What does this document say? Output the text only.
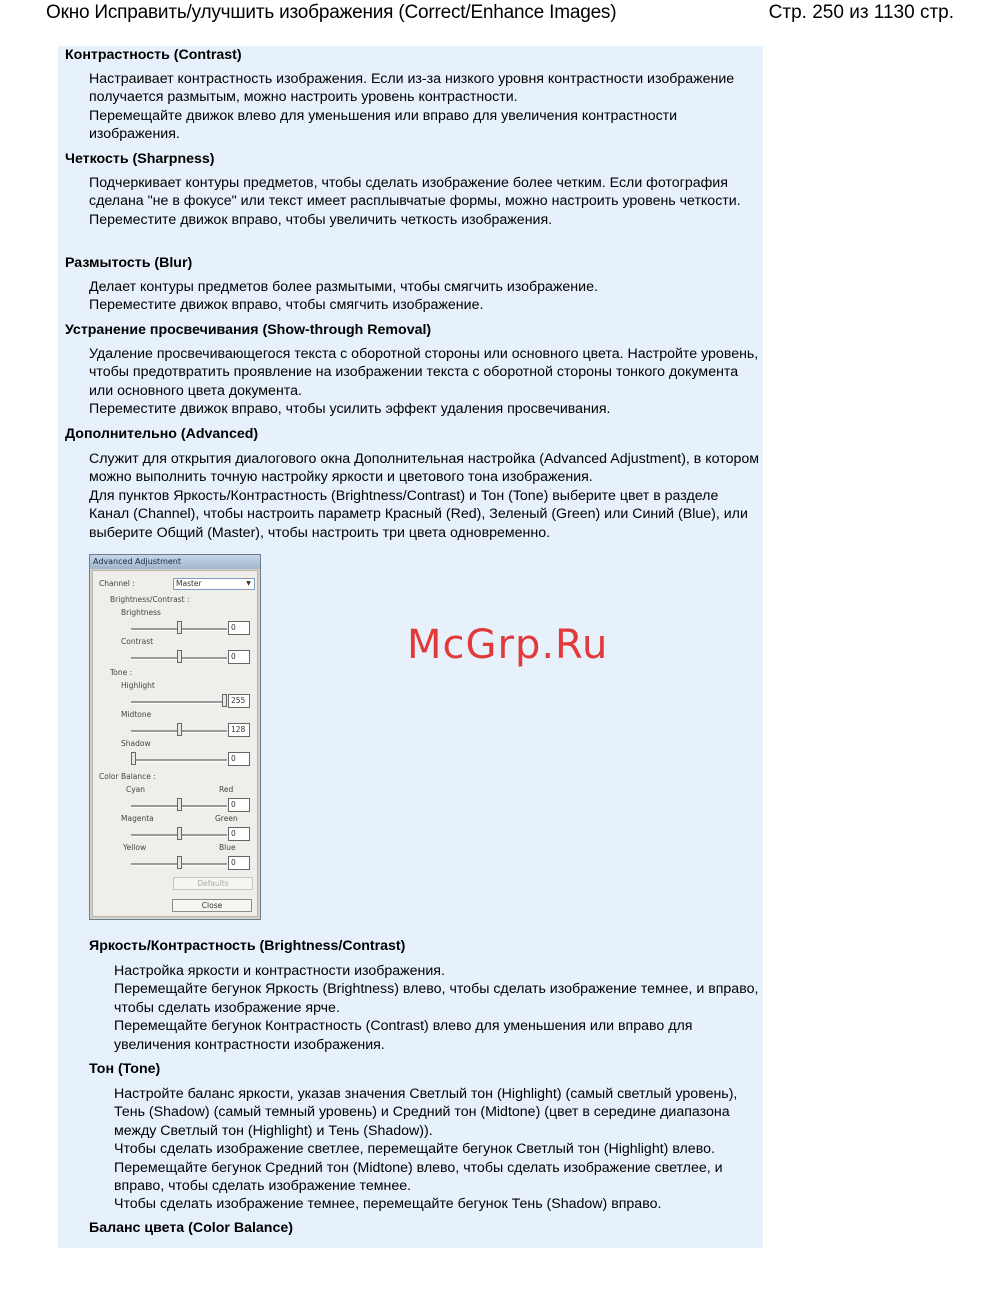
Окно Исправить/улучшить изображения (Correct/Enhance Images)	Стр. 250 из 1130 стр.
Контрастность (Contrast)

Настраивает контрастность изображения. Если из-за низкого уровня контрастности изображение получается размытым, можно настроить уровень контрастности.

Перемещайте движок влево для уменьшения или вправо для увеличения контрастности изображения.

Четкость (Sharpness)

Подчеркивает контуры предметов, чтобы сделать изображение более четким. Если фотография сделана "не в фокусе" или текст имеет расплывчатые формы, можно настроить уровень четкости.

Переместите движок вправо, чтобы увеличить четкость изображения.

Размытость (Blur)

Делает контуры предметов более размытыми, чтобы смягчить изображение.

Переместите движок вправо, чтобы смягчить изображение.

Устранение просвечивания (Show-through Removal)

Удаление просвечивающегося текста с оборотной стороны или основного цвета. Настройте уровень, чтобы предотвратить проявление на изображении текста с оборотной стороны тонкого документа или основного цвета документа.

Переместите движок вправо, чтобы усилить эффект удаления просвечивания.

Дополнительно (Advanced)

Служит для открытия диалогового окна Дополнительная настройка (Advanced Adjustment), в котором можно выполнить точную настройку яркости и цветового тона изображения.

Для пунктов Яркость/Контрастность (Brightness/Contrast) и Тон (Tone) выберите цвет в разделе Канал (Channel), чтобы настроить параметр Красный (Red), Зеленый (Green) или Синий (Blue), или выберите Общий (Master), чтобы настроить три цвета одновременно.

Advanced Adjustment
Channel :	Master	▼
Brightness/Contrast :
Brightness
0
Contrast
0
Tone :
Highlight
255
Midtone
128
Shadow
0
Color Balance :
Cyan	Red
0
Magenta	Green
0
Yellow	Blue
0
Defaults
Close
Яркость/Контрастность (Brightness/Contrast)

Настройка яркости и контрастности изображения.

Перемещайте бегунок Яркость (Brightness) влево, чтобы сделать изображение темнее, и вправо, чтобы сделать изображение ярче.

Перемещайте бегунок Контрастность (Contrast) влево для уменьшения или вправо для увеличения контрастности изображения.

Тон (Tone)

Настройте баланс яркости, указав значения Светлый тон (Highlight) (самый светлый уровень), Тень (Shadow) (самый темный уровень) и Средний тон (Midtone) (цвет в середине диапазона между Светлый тон (Highlight) и Тень (Shadow)).

Чтобы сделать изображение светлее, перемещайте бегунок Светлый тон (Highlight) влево.

Перемещайте бегунок Средний тон (Midtone) влево, чтобы сделать изображение светлее, и вправо, чтобы сделать изображение темнее.

Чтобы сделать изображение темнее, перемещайте бегунок Тень (Shadow) вправо.

Баланс цвета (Color Balance)
McGrp.Ru
